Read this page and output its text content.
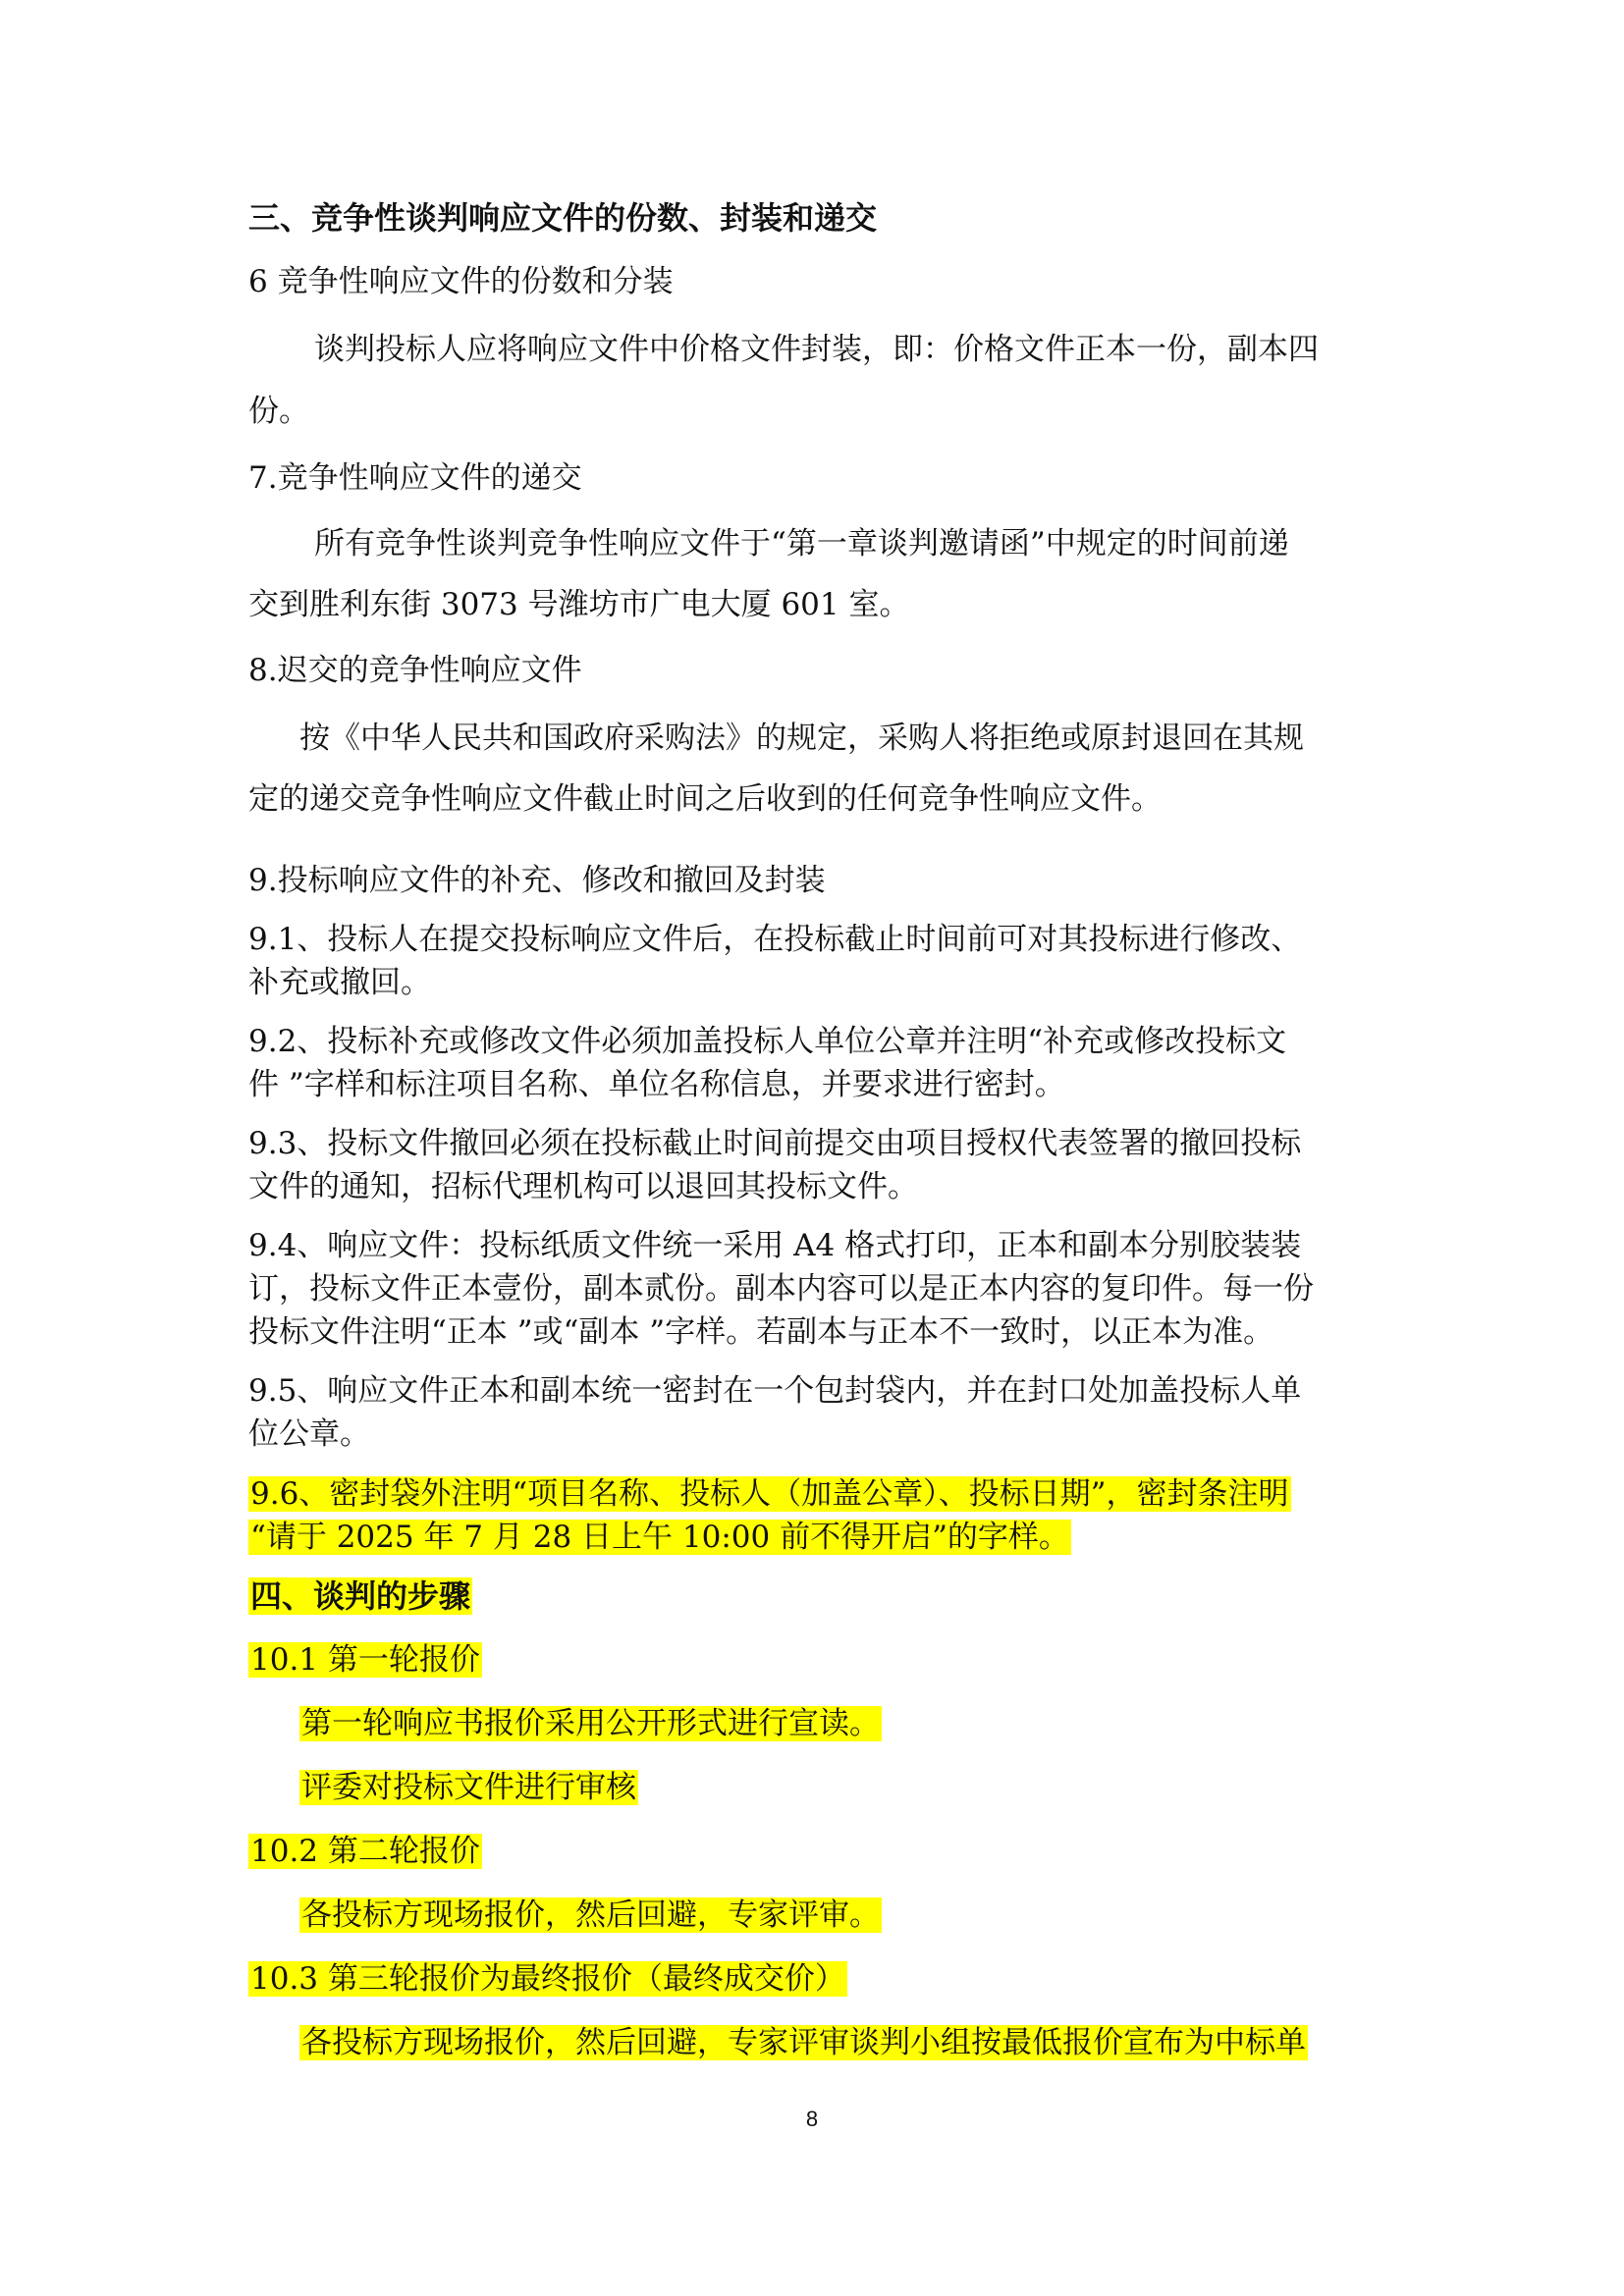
三、竞争性谈判响应文件的份数、封装和递交
6 竞争性响应文件的份数和分装
谈判投标人应将响应文件中价格文件封装，即：价格文件正本一份，副本四
份。
7.竞争性响应文件的递交
所有竞争性谈判竞争性响应文件于“第一章谈判邀请函”中规定的时间前递
交到胜利东街 3073 号潍坊市广电大厦 601 室。
8.迟交的竞争性响应文件
按《中华人民共和国政府采购法》的规定，采购人将拒绝或原封退回在其规
定的递交竞争性响应文件截止时间之后收到的任何竞争性响应文件。
9.投标响应文件的补充、修改和撤回及封装
9.1、投标人在提交投标响应文件后，在投标截止时间前可对其投标进行修改、
补充或撤回。
9.2、投标补充或修改文件必须加盖投标人单位公章并注明“补充或修改投标文
件 ”字样和标注项目名称、单位名称信息，并要求进行密封。
9.3、投标文件撤回必须在投标截止时间前提交由项目授权代表签署的撤回投标
文件的通知，招标代理机构可以退回其投标文件。
9.4、响应文件：投标纸质文件统一采用 A4 格式打印，正本和副本分别胶装装
订，投标文件正本壹份，副本贰份。副本内容可以是正本内容的复印件。每一份
投标文件注明“正本 ”或“副本 ”字样。若副本与正本不一致时，以正本为准。
9.5、响应文件正本和副本统一密封在一个包封袋内，并在封口处加盖投标人单
位公章。
9.6、密封袋外注明“项目名称、投标人（加盖公章）、投标日期”，密封条注明
“请于 2025 年 7 月 28 日上午 10:00 前不得开启”的字样。
四、谈判的步骤
10.1 第一轮报价
第一轮响应书报价采用公开形式进行宣读。
评委对投标文件进行审核
10.2 第二轮报价
各投标方现场报价，然后回避，专家评审。
10.3 第三轮报价为最终报价（最终成交价）
各投标方现场报价，然后回避，专家评审谈判小组按最低报价宣布为中标单
8
